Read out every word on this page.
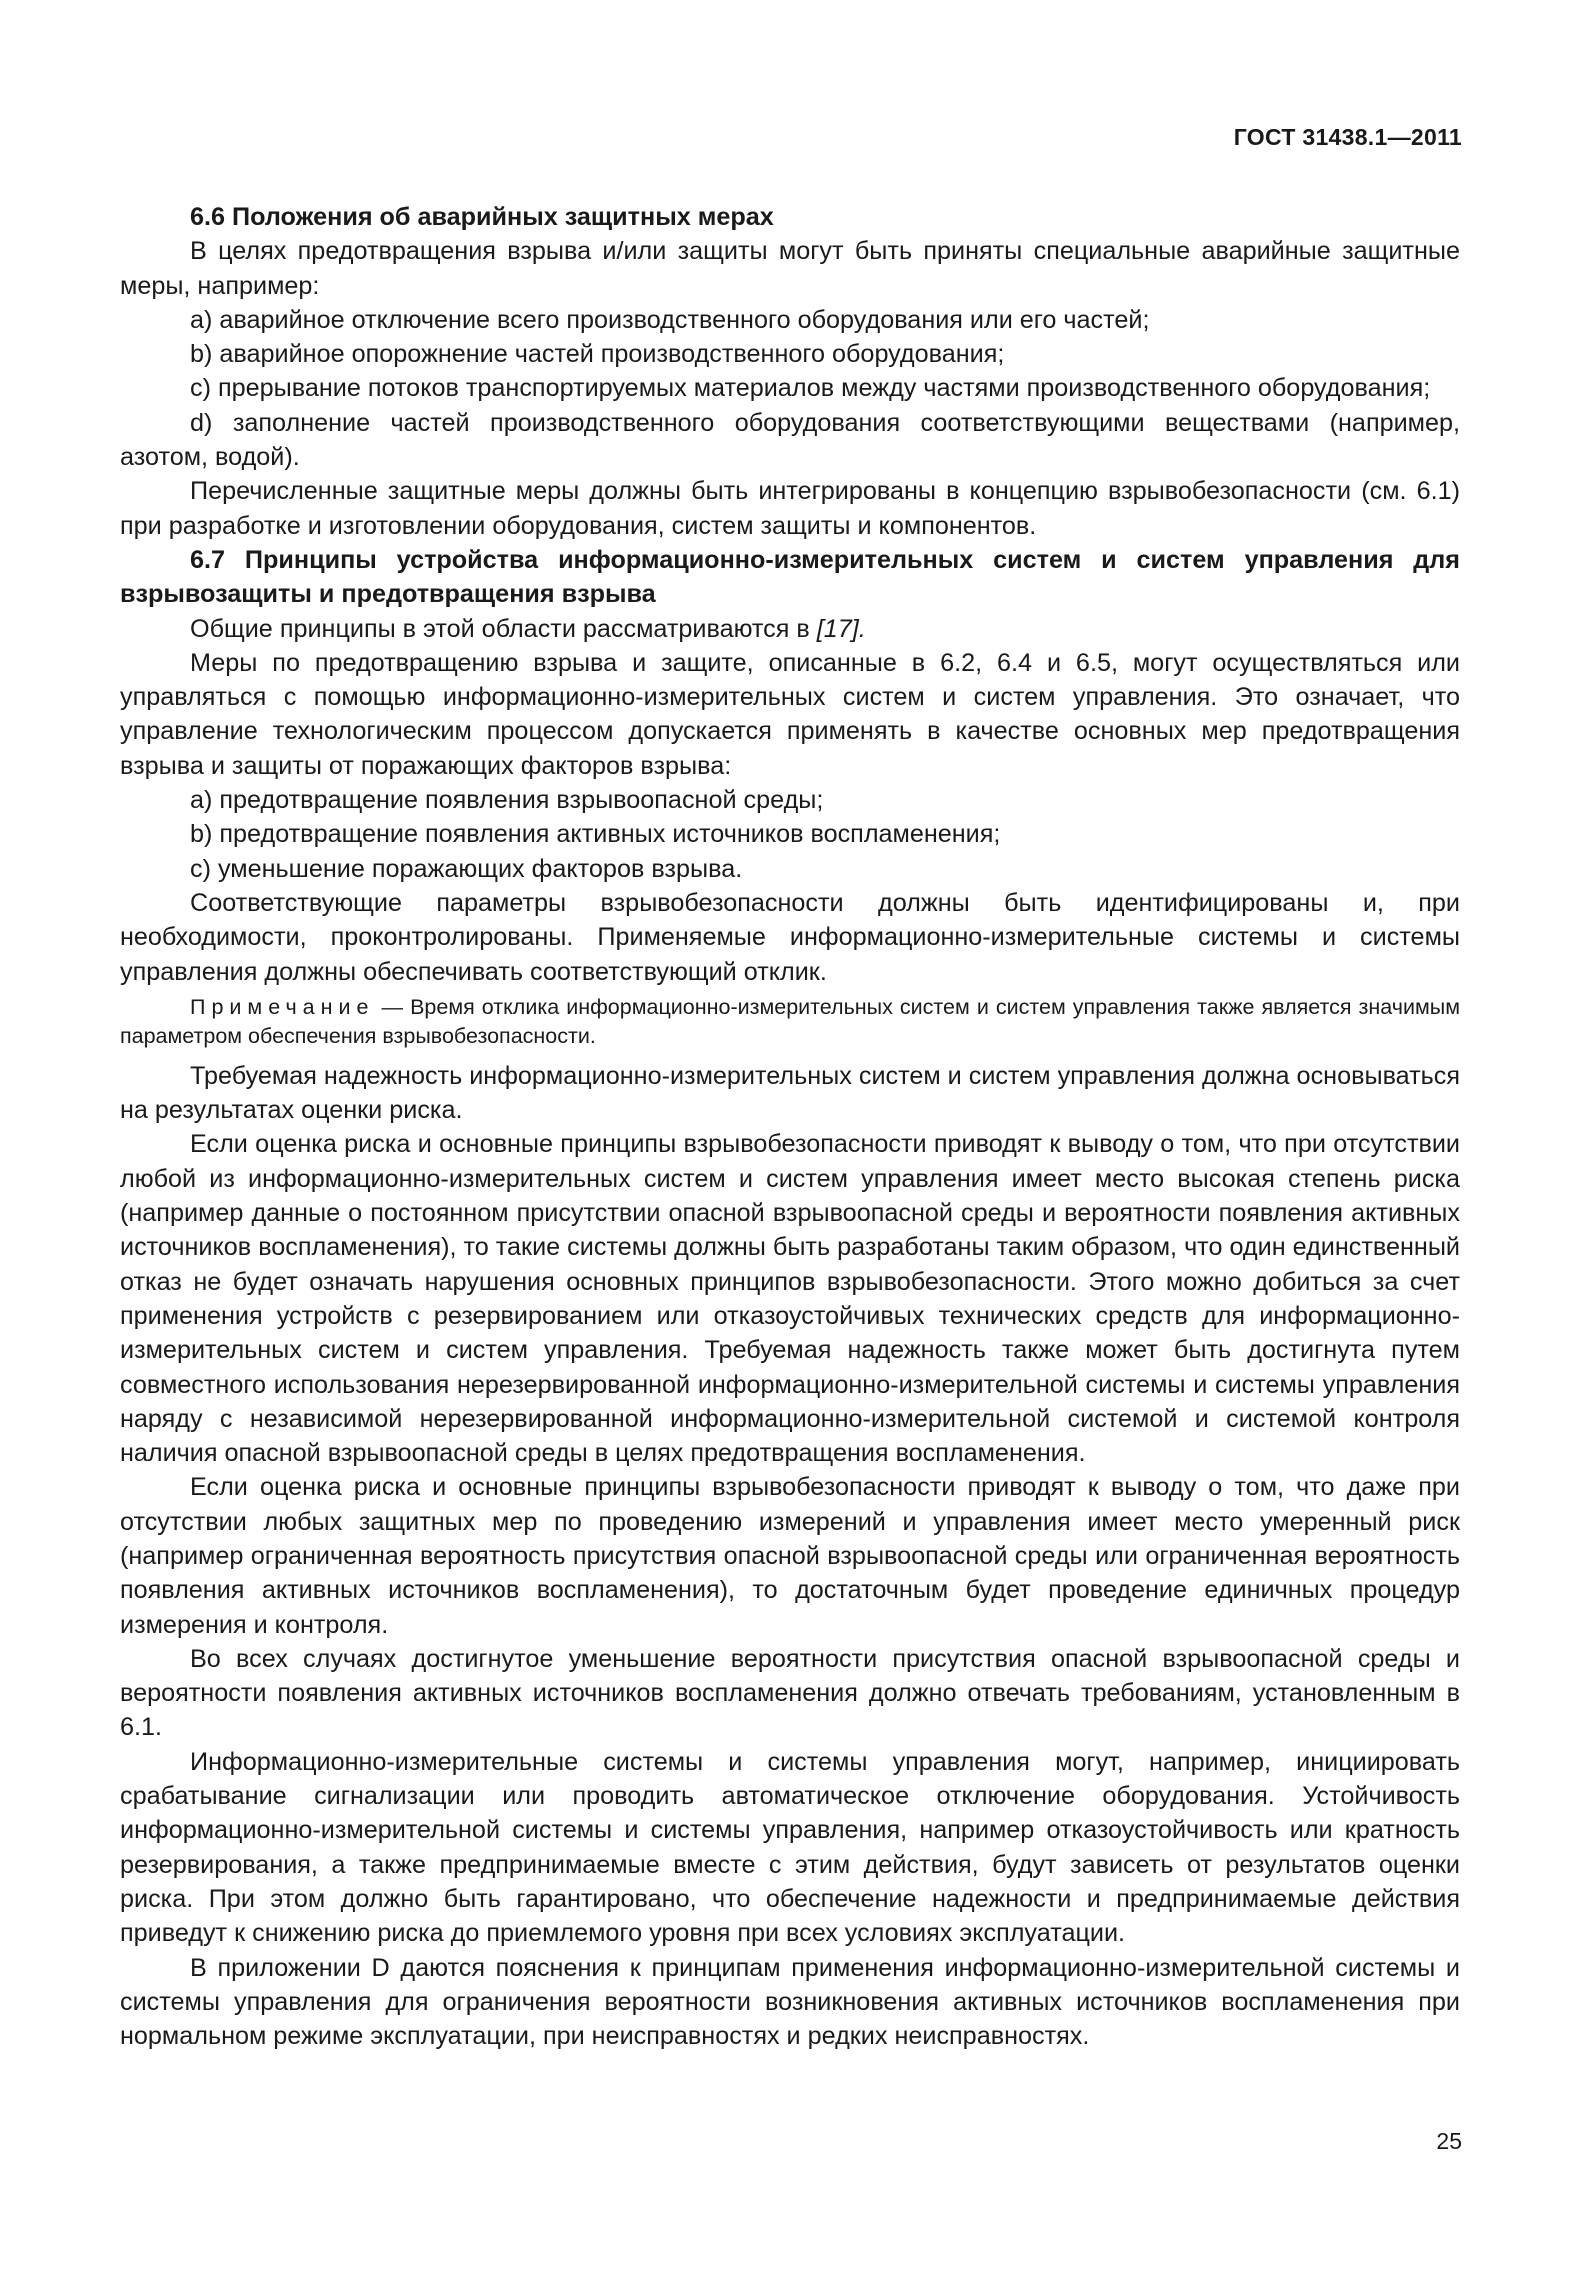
ГОСТ 31438.1—2011

6.6 Положения об аварийных защитных мерах

В целях предотвращения взрыва и/или защиты могут быть приняты специальные аварийные защитные меры, например:

a) аварийное отключение всего производственного оборудования или его частей;

b) аварийное опорожнение частей производственного оборудования;

c) прерывание потоков транспортируемых материалов между частями производственного оборудования;

d) заполнение частей производственного оборудования соответствующими веществами (например, азотом, водой).

Перечисленные защитные меры должны быть интегрированы в концепцию взрывобезопасности (см. 6.1) при разработке и изготовлении оборудования, систем защиты и компонентов.

6.7 Принципы устройства информационно-измерительных систем и систем управления для взрывозащиты и предотвращения взрыва

Общие принципы в этой области рассматриваются в [17].

Меры по предотвращению взрыва и защите, описанные в 6.2, 6.4 и 6.5, могут осуществляться или управляться с помощью информационно-измерительных систем и систем управления. Это означает, что управление технологическим процессом допускается применять в качестве основных мер предотвращения взрыва и защиты от поражающих факторов взрыва:

a) предотвращение появления взрывоопасной среды;

b) предотвращение появления активных источников воспламенения;

c) уменьшение поражающих факторов взрыва.

Соответствующие параметры взрывобезопасности должны быть идентифицированы и, при необходимости, проконтролированы. Применяемые информационно-измерительные системы и системы управления должны обеспечивать соответствующий отклик.

Примечание — Время отклика информационно-измерительных систем и систем управления также является значимым параметром обеспечения взрывобезопасности.

Требуемая надежность информационно-измерительных систем и систем управления должна основываться на результатах оценки риска.

Если оценка риска и основные принципы взрывобезопасности приводят к выводу о том, что при отсутствии любой из информационно-измерительных систем и систем управления имеет место высокая степень риска (например данные о постоянном присутствии опасной взрывоопасной среды и вероятности появления активных источников воспламенения), то такие системы должны быть разработаны таким образом, что один единственный отказ не будет означать нарушения основных принципов взрывобезопасности. Этого можно добиться за счет применения устройств с резервированием или отказоустойчивых технических средств для информационно-измерительных систем и систем управления. Требуемая надежность также может быть достигнута путем совместного использования нерезервированной информационно-измерительной системы и системы управления наряду с независимой нерезервированной информационно-измерительной системой и системой контроля наличия опасной взрывоопасной среды в целях предотвращения воспламенения.

Если оценка риска и основные принципы взрывобезопасности приводят к выводу о том, что даже при отсутствии любых защитных мер по проведению измерений и управления имеет место умеренный риск (например ограниченная вероятность присутствия опасной взрывоопасной среды или ограниченная вероятность появления активных источников воспламенения), то достаточным будет проведение единичных процедур измерения и контроля.

Во всех случаях достигнутое уменьшение вероятности присутствия опасной взрывоопасной среды и вероятности появления активных источников воспламенения должно отвечать требованиям, установленным в 6.1.

Информационно-измерительные системы и системы управления могут, например, инициировать срабатывание сигнализации или проводить автоматическое отключение оборудования. Устойчивость информационно-измерительной системы и системы управления, например отказоустойчивость или кратность резервирования, а также предпринимаемые вместе с этим действия, будут зависеть от результатов оценки риска. При этом должно быть гарантировано, что обеспечение надежности и предпринимаемые действия приведут к снижению риска до приемлемого уровня при всех условиях эксплуатации.

В приложении D даются пояснения к принципам применения информационно-измерительной системы и системы управления для ограничения вероятности возникновения активных источников воспламенения при нормальном режиме эксплуатации, при неисправностях и редких неисправностях.

25
